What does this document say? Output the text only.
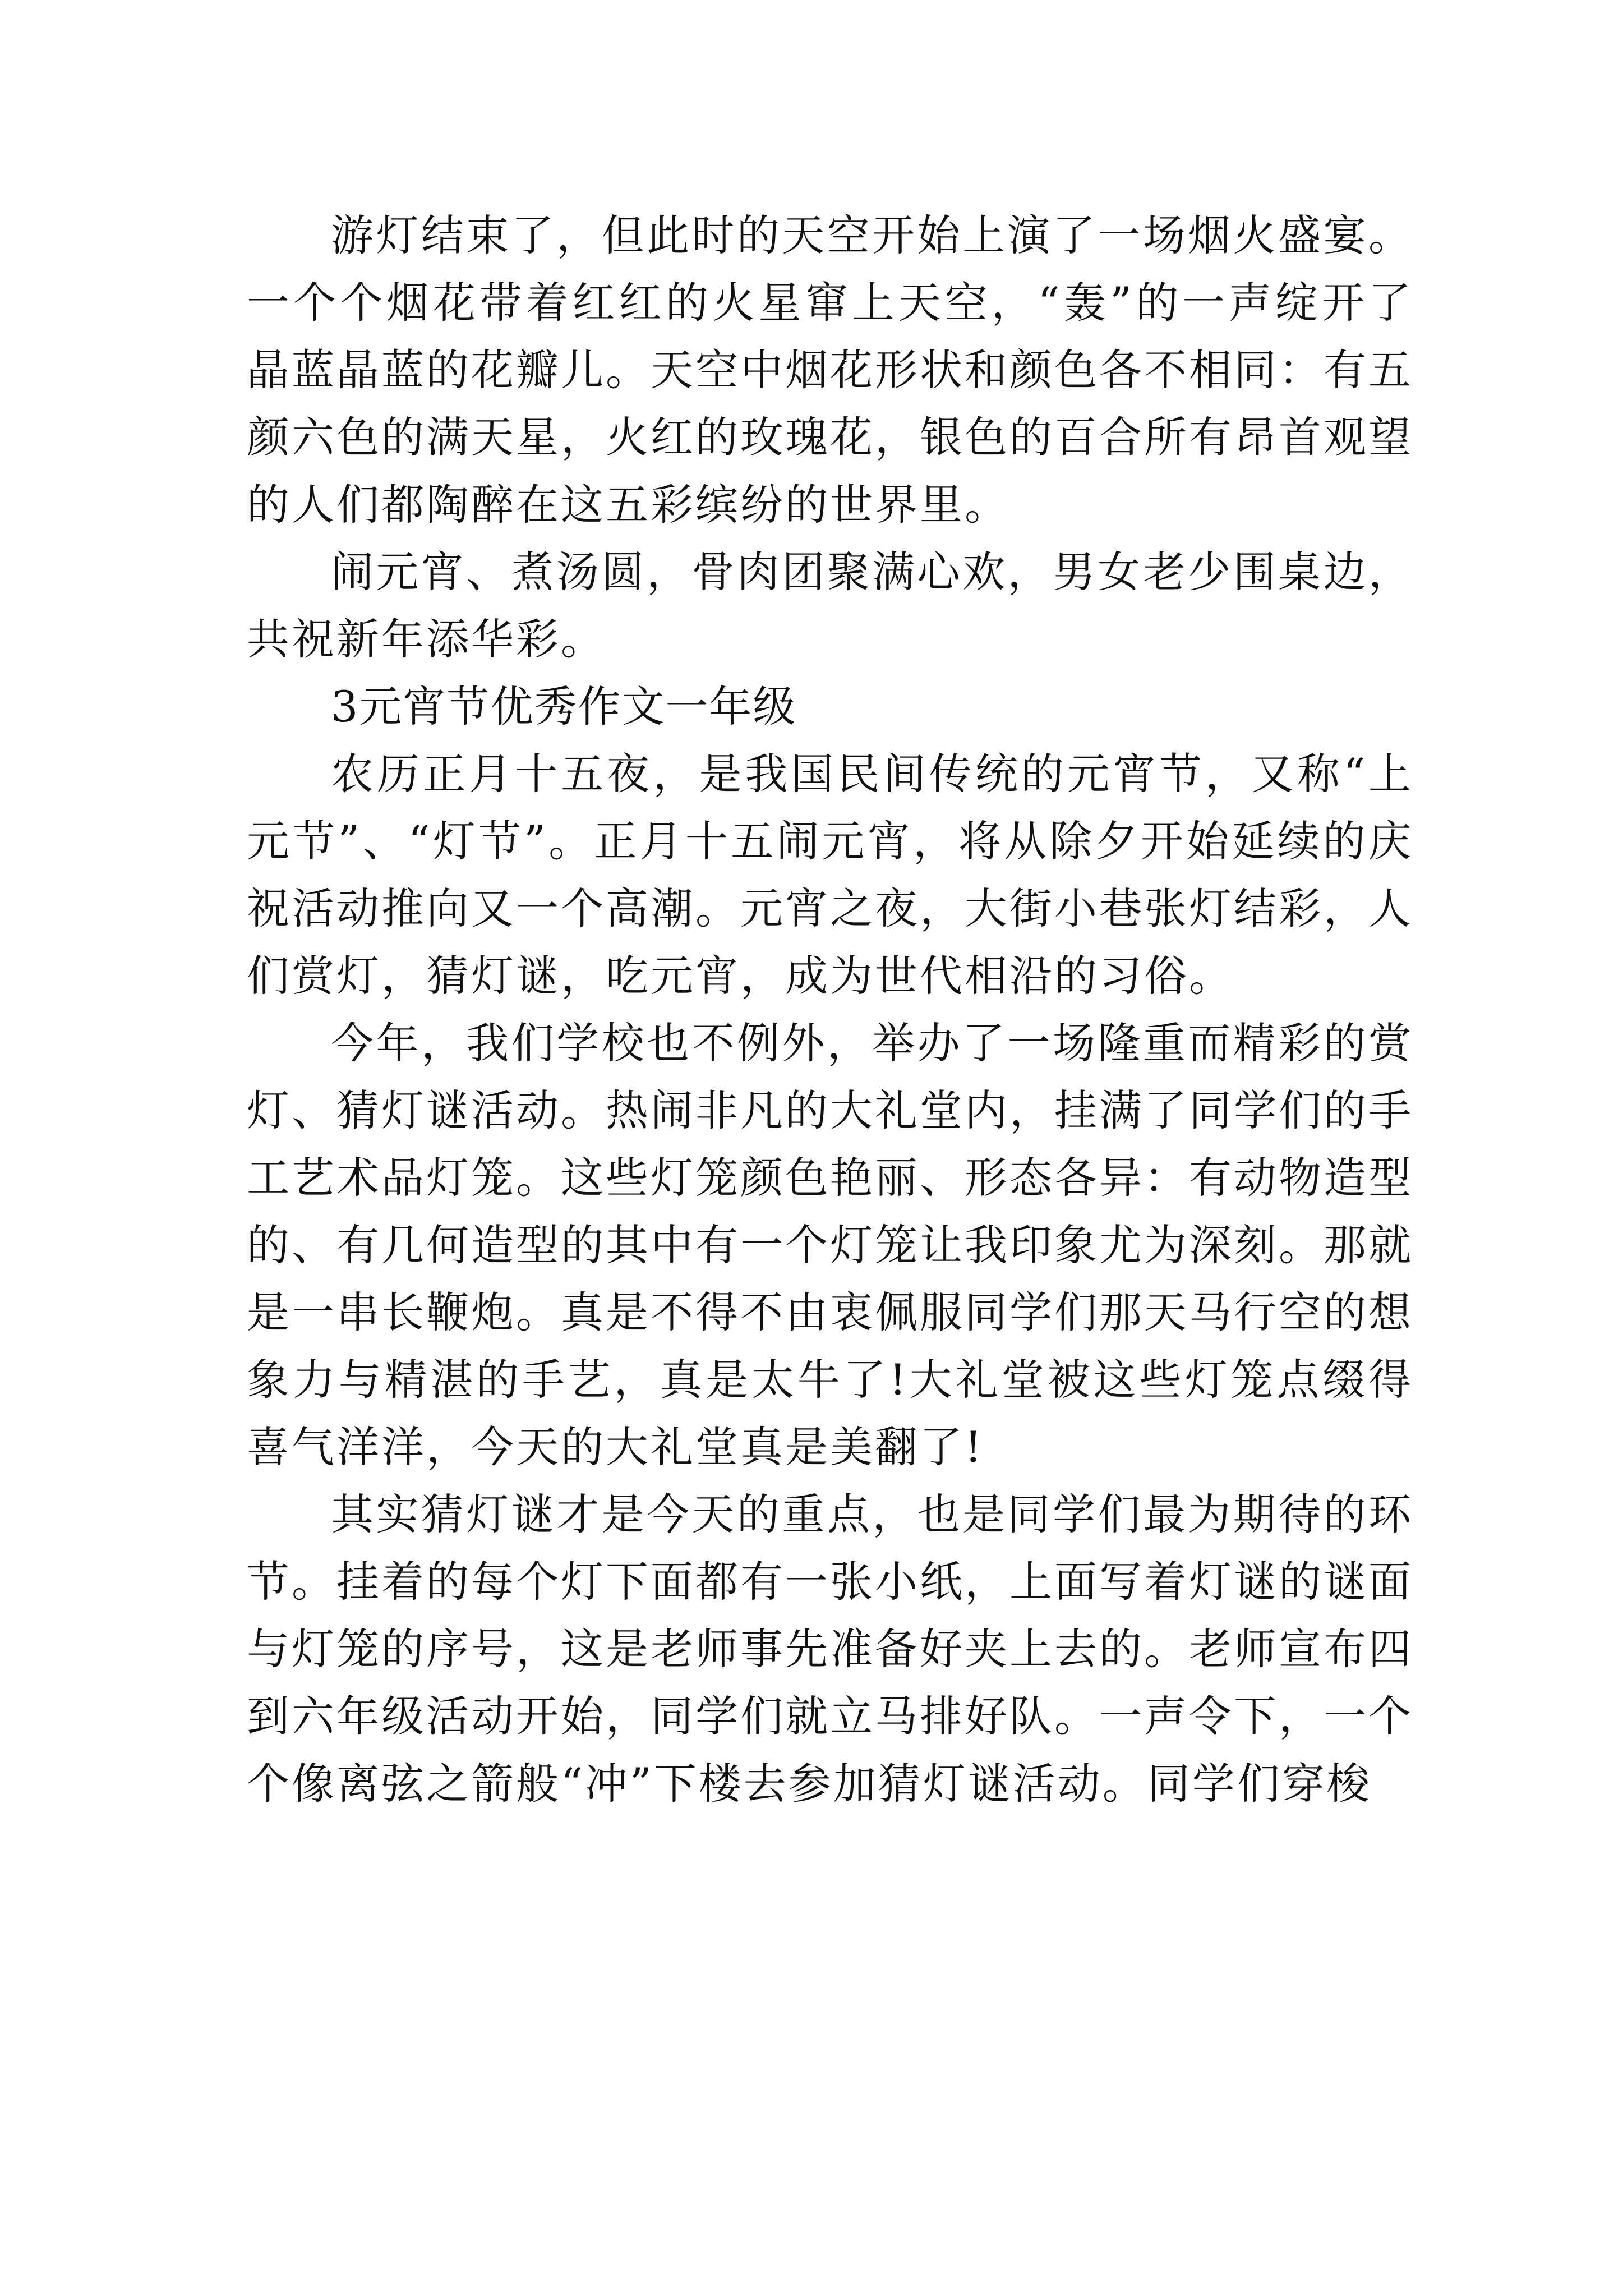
游灯结束了，但此时的天空开始上演了一场烟火盛宴。一个个烟花带着红红的火星窜上天空，“轰”的一声绽开了晶蓝晶蓝的花瓣儿。天空中烟花形状和颜色各不相同：有五颜六色的满天星，火红的玫瑰花，银色的百合所有昂首观望的人们都陶醉在这五彩缤纷的世界里。

闹元宵、煮汤圆，骨肉团聚满心欢，男女老少围桌边，共祝新年添华彩。

3元宵节优秀作文一年级

农历正月十五夜，是我国民间传统的元宵节，又称“上元节”、“灯节”。正月十五闹元宵，将从除夕开始延续的庆祝活动推向又一个高潮。元宵之夜，大街小巷张灯结彩，人们赏灯，猜灯谜，吃元宵，成为世代相沿的习俗。

今年，我们学校也不例外，举办了一场隆重而精彩的赏灯、猜灯谜活动。热闹非凡的大礼堂内，挂满了同学们的手工艺术品灯笼。这些灯笼颜色艳丽、形态各异：有动物造型的、有几何造型的其中有一个灯笼让我印象尤为深刻。那就是一串长鞭炮。真是不得不由衷佩服同学们那天马行空的想象力与精湛的手艺，真是太牛了!大礼堂被这些灯笼点缀得喜气洋洋，今天的大礼堂真是美翻了!

其实猜灯谜才是今天的重点，也是同学们最为期待的环节。挂着的每个灯下面都有一张小纸，上面写着灯谜的谜面与灯笼的序号，这是老师事先准备好夹上去的。老师宣布四到六年级活动开始，同学们就立马排好队。一声令下，一个个像离弦之箭般“冲”下楼去参加猜灯谜活动。同学们穿梭
